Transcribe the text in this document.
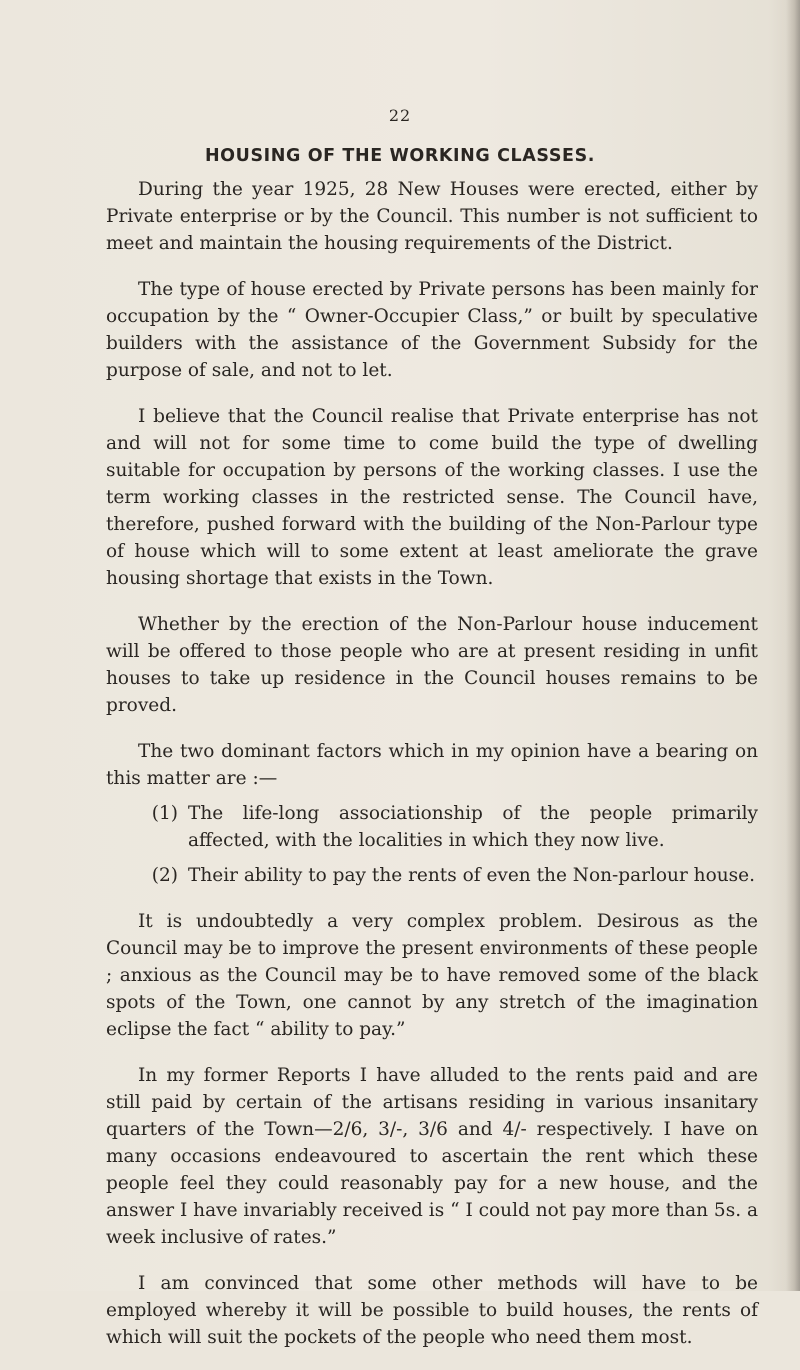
22
HOUSING OF THE WORKING CLASSES.

During the year 1925, 28 New Houses were erected, either by Private enterprise or by the Council. This number is not sufficient to meet and maintain the housing requirements of the District.

The type of house erected by Private persons has been mainly for occupation by the “ Owner-Occupier Class,” or built by speculative builders with the assistance of the Government Subsidy for the purpose of sale, and not to let.

I believe that the Council realise that Private enterprise has not and will not for some time to come build the type of dwelling suitable for occupation by persons of the working classes. I use the term working classes in the restricted sense. The Council have, therefore, pushed forward with the building of the Non-Parlour type of house which will to some extent at least ameliorate the grave housing shortage that exists in the Town.

Whether by the erection of the Non-Parlour house inducement will be offered to those people who are at present residing in unfit houses to take up residence in the Council houses remains to be proved.

The two dominant factors which in my opinion have a bearing on this matter are :—

(1) The life-long associationship of the people primarily affected, with the localities in which they now live.
(2) Their ability to pay the rents of even the Non-parlour house.

It is undoubtedly a very complex problem. Desirous as the Council may be to improve the present environments of these people ; anxious as the Council may be to have removed some of the black spots of the Town, one cannot by any stretch of the imagination eclipse the fact “ ability to pay.”

In my former Reports I have alluded to the rents paid and are still paid by certain of the artisans residing in various insanitary quarters of the Town—2/6, 3/-, 3/6 and 4/- respectively. I have on many occasions endeavoured to ascertain the rent which these people feel they could reasonably pay for a new house, and the answer I have invariably received is “ I could not pay more than 5s. a week inclusive of rates.”

I am convinced that some other methods will have to be employed whereby it will be possible to build houses, the rents of which will suit the pockets of the people who need them most.
